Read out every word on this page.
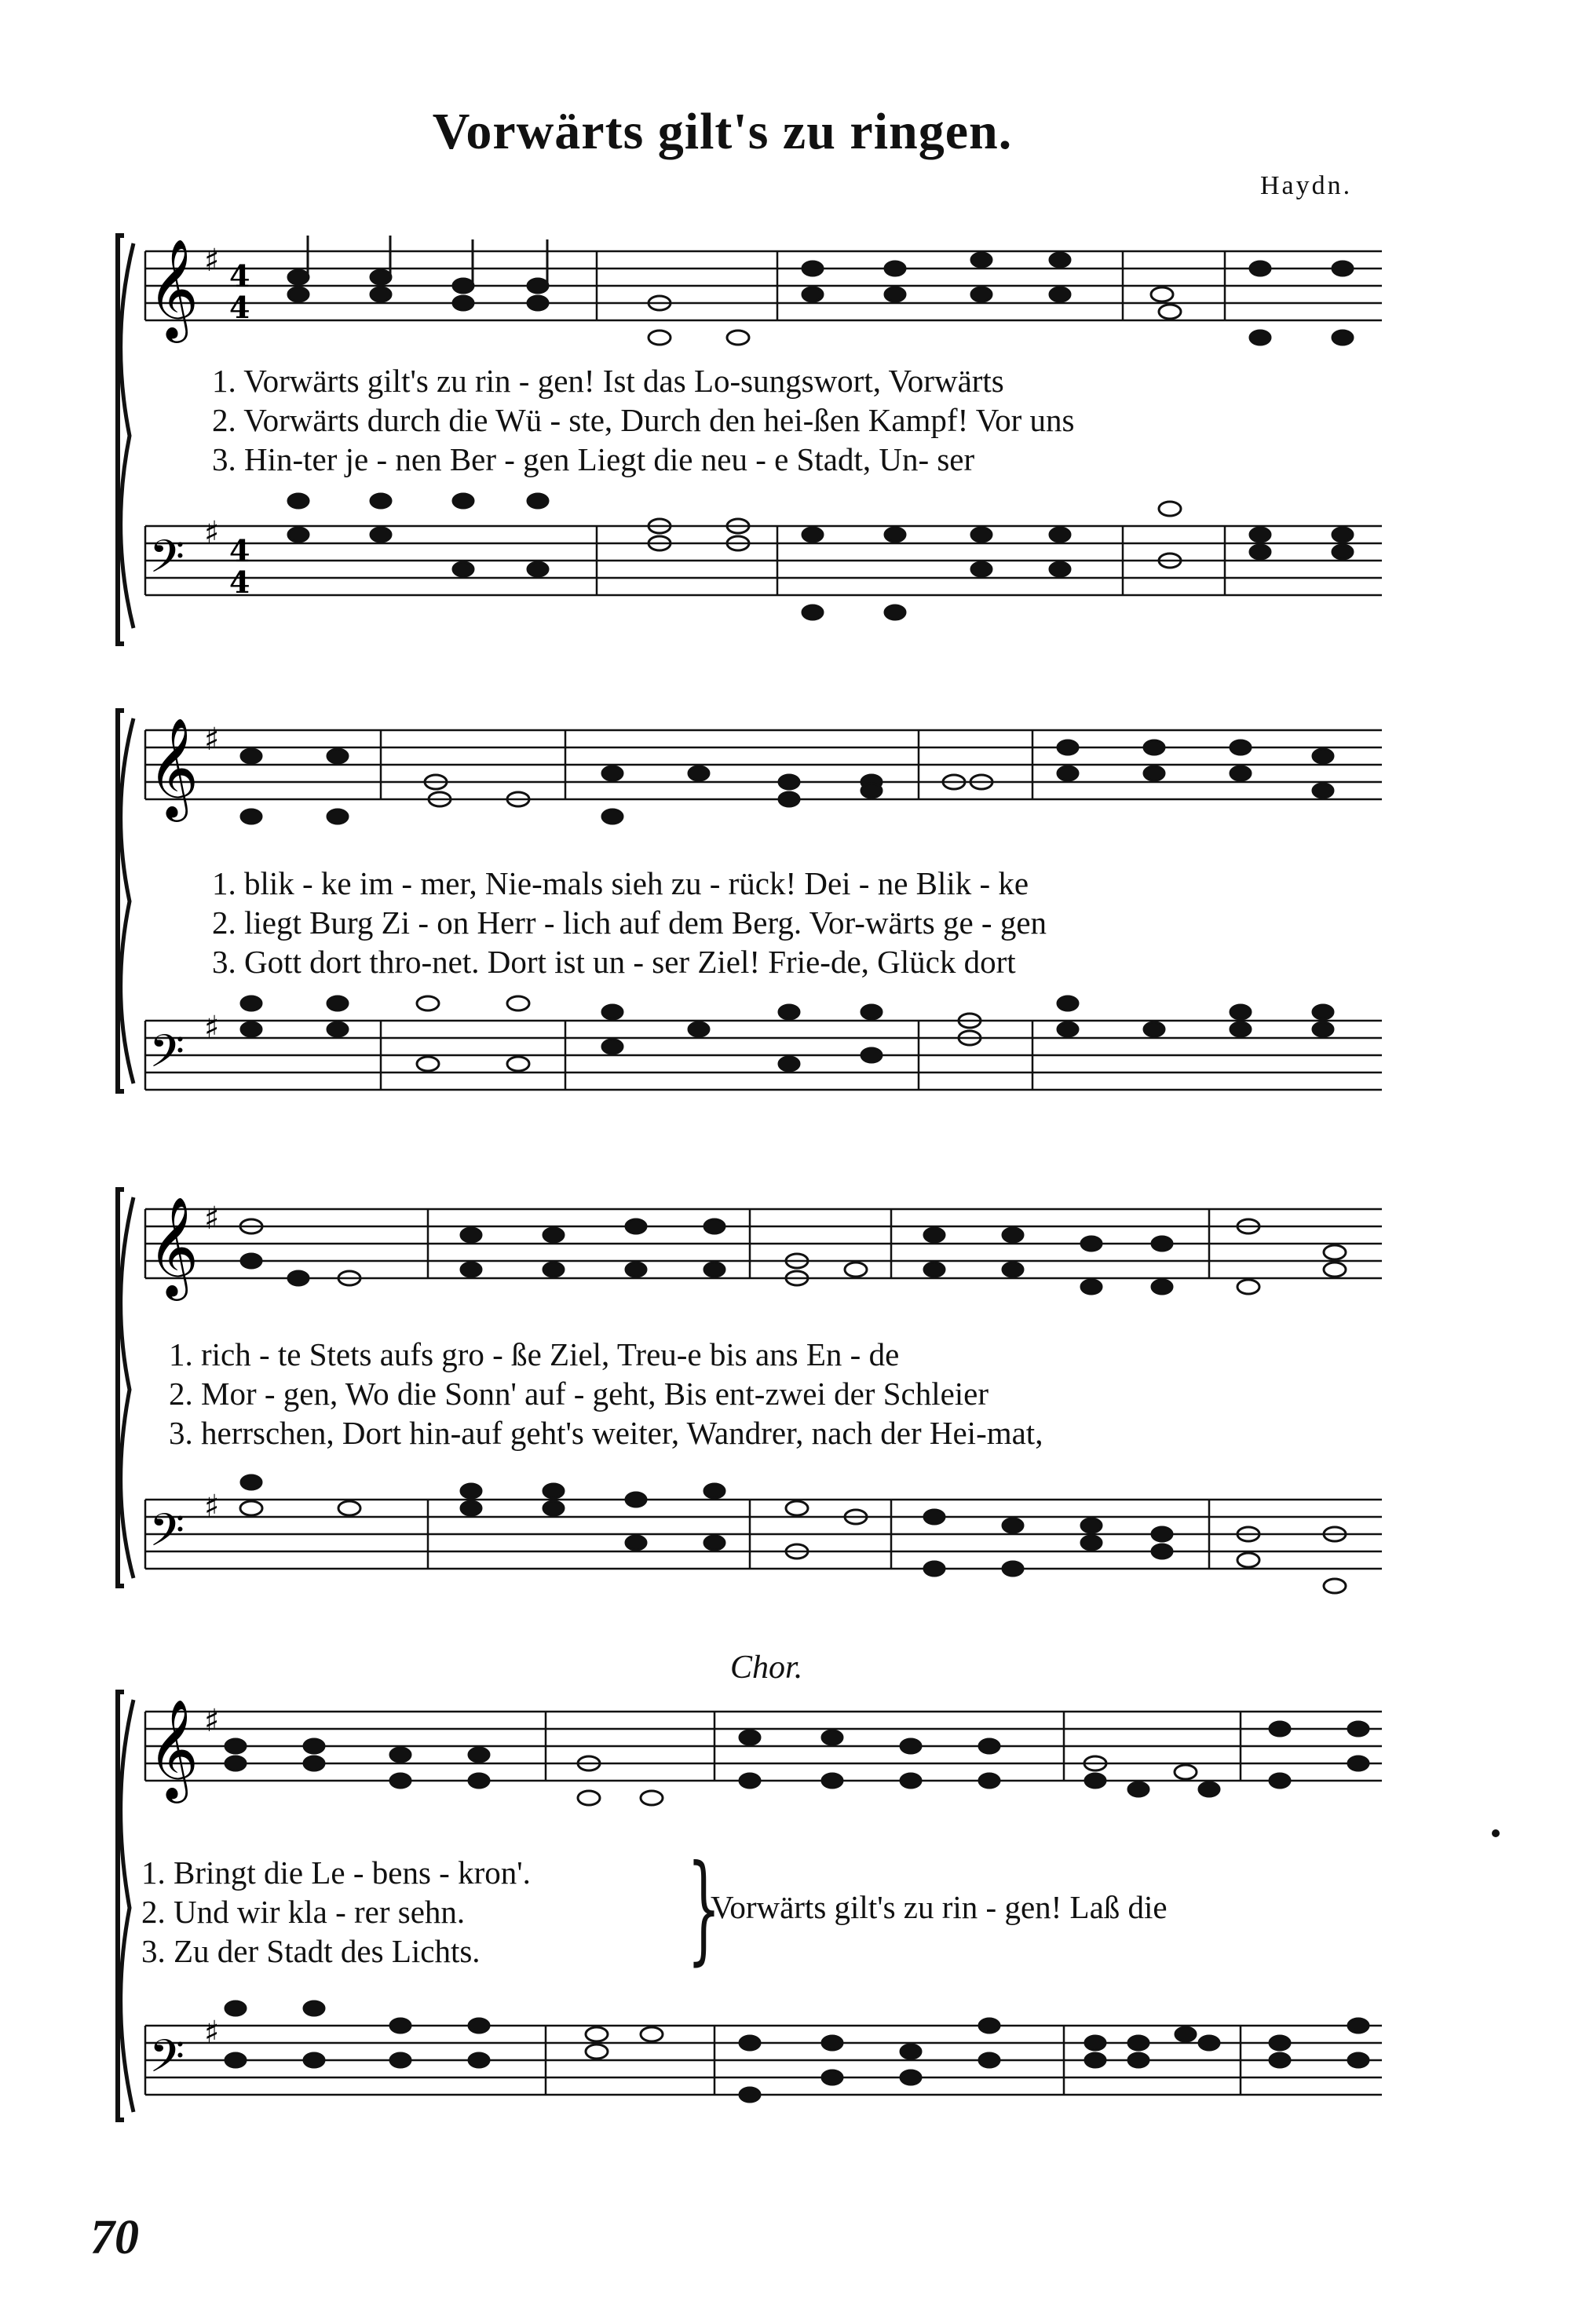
Vorwärts gilt's zu ringen.
Haydn.
𝄞 ♯ 4
4
𝄢 ♯ 4
4
1. Vorwärts gilt's zu rin - gen! Ist das Lo-sungswort, Vorwärts
2. Vorwärts durch die Wü - ste, Durch den hei-ßen Kampf! Vor uns
3. Hin-ter je - nen Ber - gen Liegt die neu - e Stadt, Un- ser
𝄞 ♯
𝄢 ♯
1. blik - ke im - mer, Nie-mals sieh zu - rück! Dei - ne Blik - ke
2. liegt Burg Zi - on Herr - lich auf dem Berg. Vor-wärts ge - gen
3. Gott dort thro-net. Dort ist un - ser Ziel! Frie-de, Glück dort
𝄞 ♯
𝄢 ♯
1. rich - te Stets aufs gro - ße Ziel, Treu-e bis ans En - de
2. Mor - gen, Wo die Sonn' auf - geht, Bis ent-zwei der Schleier
3. herrschen, Dort hin-auf geht's weiter, Wandrer, nach der Hei-mat,
Chor.
𝄞 ♯
𝄢 ♯
1. Bringt die Le - bens - kron'.
2. Und wir kla - rer sehn.
3. Zu der Stadt des Lichts.	}
Vorwärts gilt's zu rin - gen! Laß die
70
